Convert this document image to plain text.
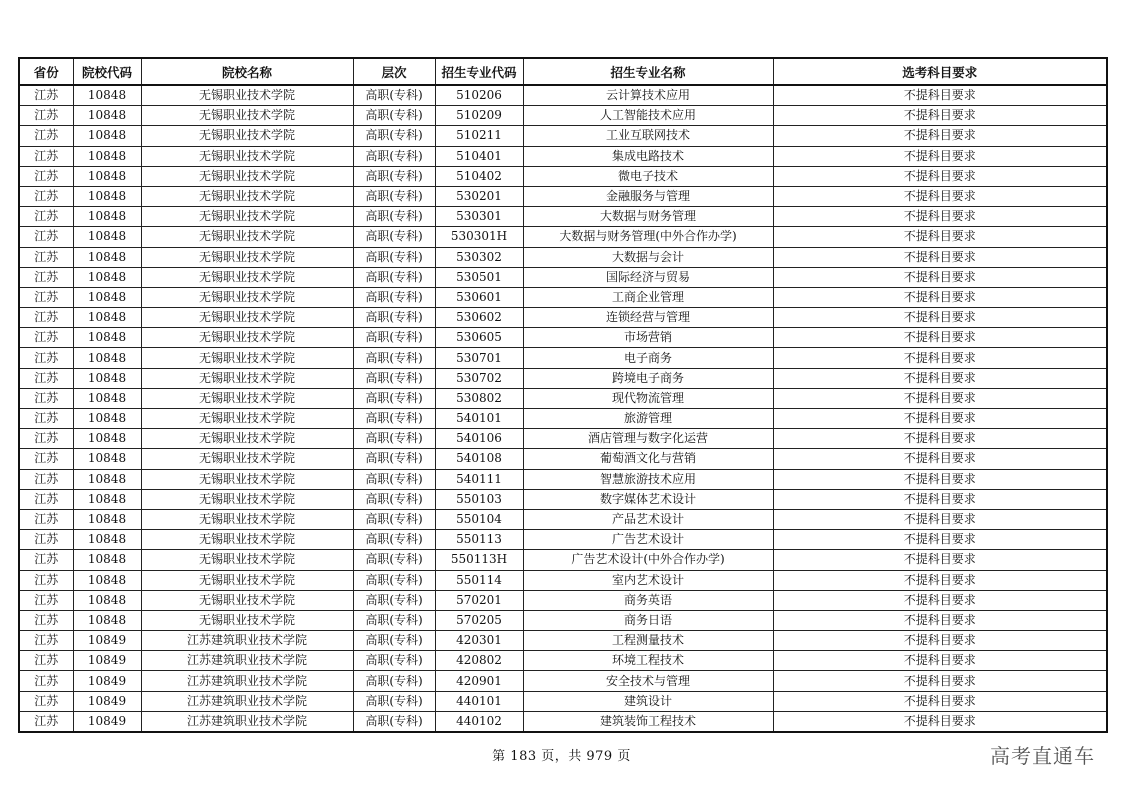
省份	院校代码	院校名称	层次	招生专业代码	招生专业名称	选考科目要求
江苏	10848	无锡职业技术学院	高职(专科)	510206	云计算技术应用	不提科目要求
江苏	10848	无锡职业技术学院	高职(专科)	510209	人工智能技术应用	不提科目要求
江苏	10848	无锡职业技术学院	高职(专科)	510211	工业互联网技术	不提科目要求
江苏	10848	无锡职业技术学院	高职(专科)	510401	集成电路技术	不提科目要求
江苏	10848	无锡职业技术学院	高职(专科)	510402	微电子技术	不提科目要求
江苏	10848	无锡职业技术学院	高职(专科)	530201	金融服务与管理	不提科目要求
江苏	10848	无锡职业技术学院	高职(专科)	530301	大数据与财务管理	不提科目要求
江苏	10848	无锡职业技术学院	高职(专科)	530301H	大数据与财务管理(中外合作办学)	不提科目要求
江苏	10848	无锡职业技术学院	高职(专科)	530302	大数据与会计	不提科目要求
江苏	10848	无锡职业技术学院	高职(专科)	530501	国际经济与贸易	不提科目要求
江苏	10848	无锡职业技术学院	高职(专科)	530601	工商企业管理	不提科目要求
江苏	10848	无锡职业技术学院	高职(专科)	530602	连锁经营与管理	不提科目要求
江苏	10848	无锡职业技术学院	高职(专科)	530605	市场营销	不提科目要求
江苏	10848	无锡职业技术学院	高职(专科)	530701	电子商务	不提科目要求
江苏	10848	无锡职业技术学院	高职(专科)	530702	跨境电子商务	不提科目要求
江苏	10848	无锡职业技术学院	高职(专科)	530802	现代物流管理	不提科目要求
江苏	10848	无锡职业技术学院	高职(专科)	540101	旅游管理	不提科目要求
江苏	10848	无锡职业技术学院	高职(专科)	540106	酒店管理与数字化运营	不提科目要求
江苏	10848	无锡职业技术学院	高职(专科)	540108	葡萄酒文化与营销	不提科目要求
江苏	10848	无锡职业技术学院	高职(专科)	540111	智慧旅游技术应用	不提科目要求
江苏	10848	无锡职业技术学院	高职(专科)	550103	数字媒体艺术设计	不提科目要求
江苏	10848	无锡职业技术学院	高职(专科)	550104	产品艺术设计	不提科目要求
江苏	10848	无锡职业技术学院	高职(专科)	550113	广告艺术设计	不提科目要求
江苏	10848	无锡职业技术学院	高职(专科)	550113H	广告艺术设计(中外合作办学)	不提科目要求
江苏	10848	无锡职业技术学院	高职(专科)	550114	室内艺术设计	不提科目要求
江苏	10848	无锡职业技术学院	高职(专科)	570201	商务英语	不提科目要求
江苏	10848	无锡职业技术学院	高职(专科)	570205	商务日语	不提科目要求
江苏	10849	江苏建筑职业技术学院	高职(专科)	420301	工程测量技术	不提科目要求
江苏	10849	江苏建筑职业技术学院	高职(专科)	420802	环境工程技术	不提科目要求
江苏	10849	江苏建筑职业技术学院	高职(专科)	420901	安全技术与管理	不提科目要求
江苏	10849	江苏建筑职业技术学院	高职(专科)	440101	建筑设计	不提科目要求
江苏	10849	江苏建筑职业技术学院	高职(专科)	440102	建筑装饰工程技术	不提科目要求
第 183 页，共 979 页	高考直通车
